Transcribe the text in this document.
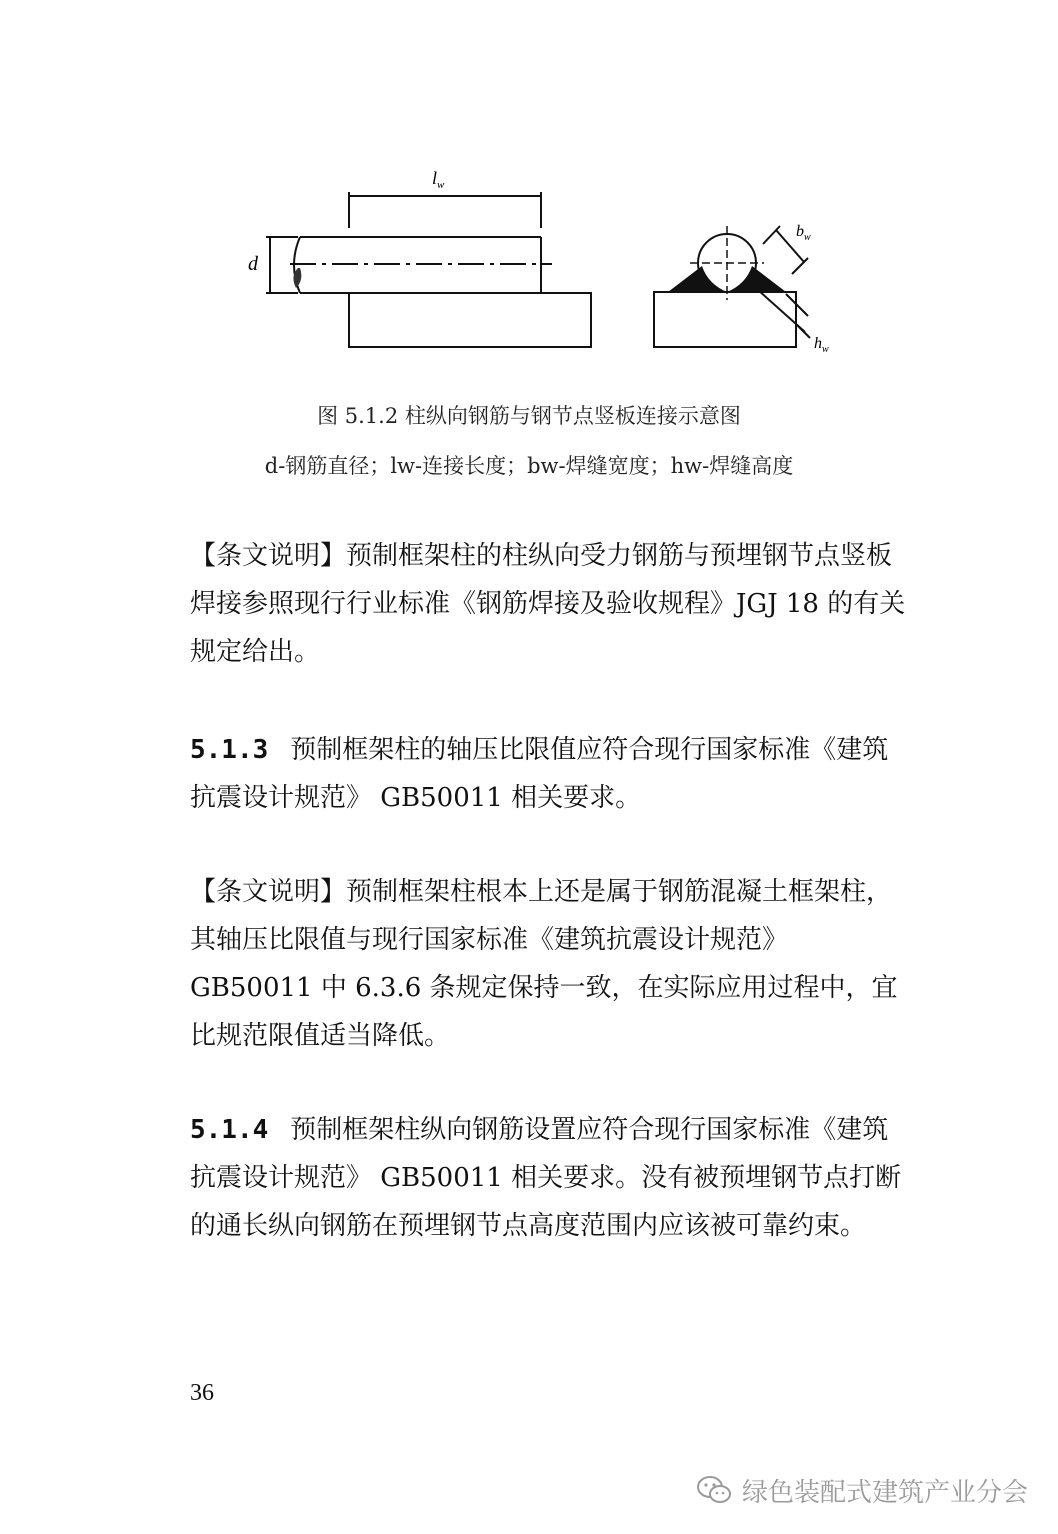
$l_w$
d
$b_w$
$h_w$
图 5.1.2 柱纵向钢筋与钢节点竖板连接示意图
d-钢筋直径；lw-连接长度；bw-焊缝宽度；hw-焊缝高度
【条文说明】预制框架柱的柱纵向受力钢筋与预埋钢节点竖板焊接参照现行行业标准《钢筋焊接及验收规程》JGJ 18 的有关规定给出。
5.1.3 预制框架柱的轴压比限值应符合现行国家标准《建筑抗震设计规范》 GB50011 相关要求。
【条文说明】预制框架柱根本上还是属于钢筋混凝土框架柱，其轴压比限值与现行国家标准《建筑抗震设计规范》GB50011 中 6.3.6 条规定保持一致，在实际应用过程中，宜比规范限值适当降低。
5.1.4 预制框架柱纵向钢筋设置应符合现行国家标准《建筑抗震设计规范》 GB50011 相关要求。没有被预埋钢节点打断的通长纵向钢筋在预埋钢节点高度范围内应该被可靠约束。
36
绿色装配式建筑产业分会
